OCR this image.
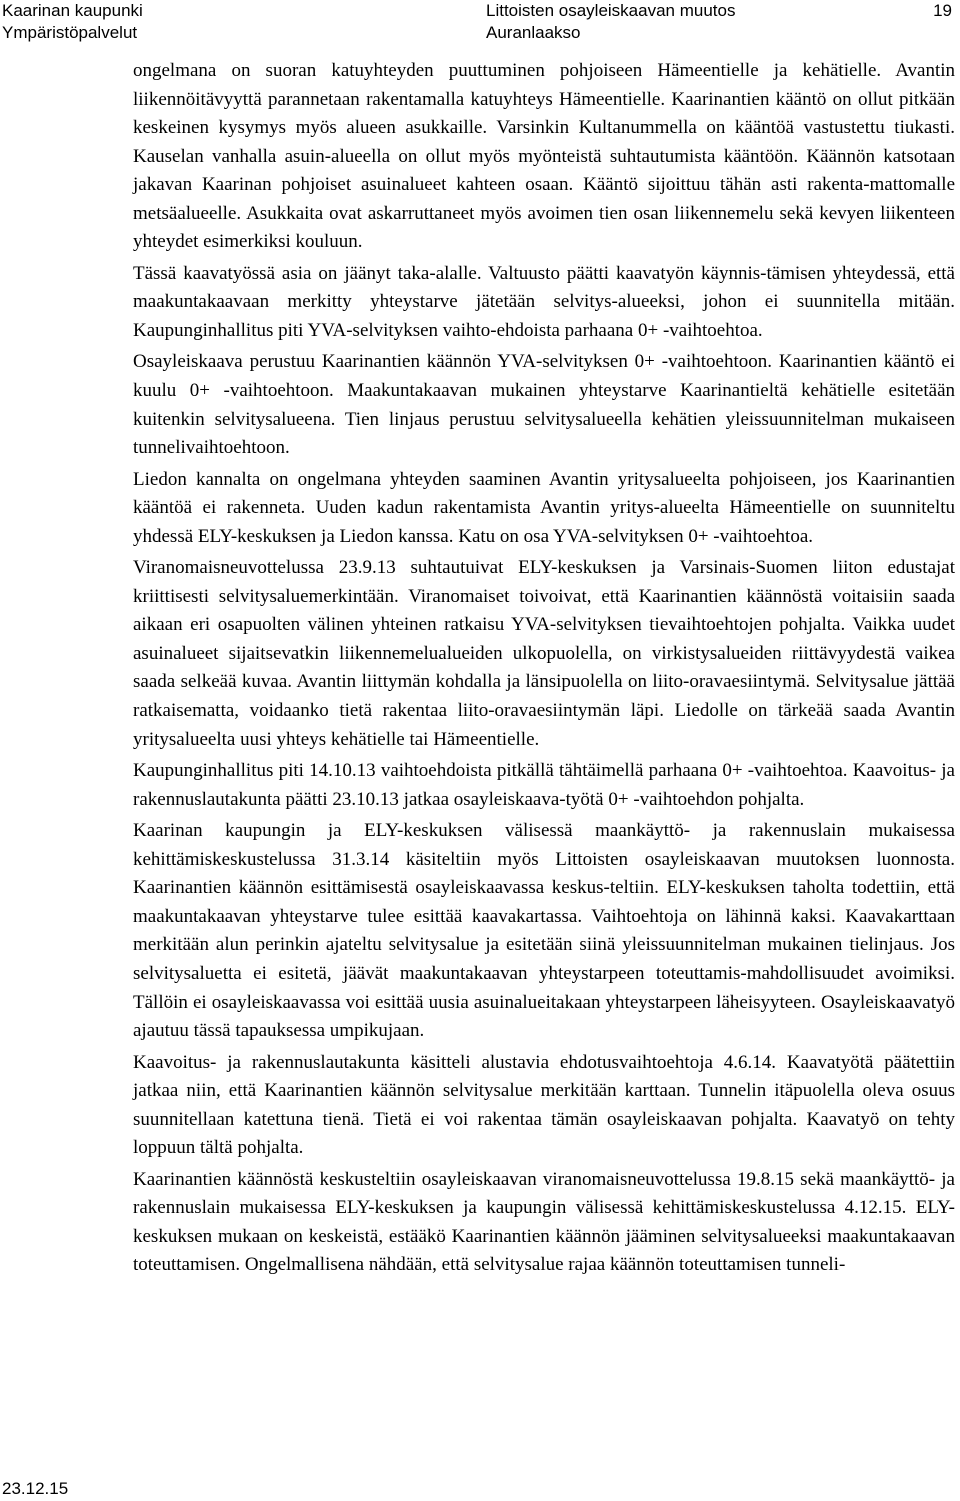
Kaarinan kaupunki
Ympäristöpalvelut
Littoisten osayleiskaavan muutos
Auranlaakso
19

ongelmana on suoran katuyhteyden puuttuminen pohjoiseen Hämeentielle ja kehätielle. Avantin liikennöitävyyttä parannetaan rakentamalla katuyhteys Hämeentielle. Kaarinantien kääntö on ollut pitkään keskeinen kysymys myös alueen asukkaille. Varsinkin Kultanummella on kääntöä vastustettu tiukasti. Kauselan vanhalla asuin-alueella on ollut myös myönteistä suhtautumista kääntöön. Käännön katsotaan jakavan Kaarinan pohjoiset asuinalueet kahteen osaan. Kääntö sijoittuu tähän asti rakenta-mattomalle metsäalueelle. Asukkaita ovat askarruttaneet myös avoimen tien osan liikennemelu sekä kevyen liikenteen yhteydet esimerkiksi kouluun.

Tässä kaavatyössä asia on jäänyt taka-alalle. Valtuusto päätti kaavatyön käynnis-tämisen yhteydessä, että maakuntakaavaan merkitty yhteystarve jätetään selvitys-alueeksi, johon ei suunnitella mitään. Kaupunginhallitus piti YVA-selvityksen vaihto-ehdoista parhaana 0+ -vaihtoehtoa.

Osayleiskaava perustuu Kaarinantien käännön YVA-selvityksen 0+ -vaihtoehtoon. Kaarinantien kääntö ei kuulu 0+ -vaihtoehtoon. Maakuntakaavan mukainen yhteystarve Kaarinantieltä kehätielle esitetään kuitenkin selvitysalueena. Tien linjaus perustuu selvitysalueella kehätien yleissuunnitelman mukaiseen tunnelivaihtoehtoon.

Liedon kannalta on ongelmana yhteyden saaminen Avantin yritysalueelta pohjoiseen, jos Kaarinantien kääntöä ei rakenneta. Uuden kadun rakentamista Avantin yritys-alueelta Hämeentielle on suunniteltu yhdessä ELY-keskuksen ja Liedon kanssa. Katu on osa YVA-selvityksen 0+ -vaihtoehtoa.

Viranomaisneuvottelussa 23.9.13 suhtautuivat ELY-keskuksen ja Varsinais-Suomen liiton edustajat kriittisesti selvitysaluemerkintään. Viranomaiset toivoivat, että Kaarinantien käännöstä voitaisiin saada aikaan eri osapuolten välinen yhteinen ratkaisu YVA-selvityksen tievaihtoehtojen pohjalta. Vaikka uudet asuinalueet sijaitsevatkin liikennemelualueiden ulkopuolella, on virkistysalueiden riittävyydestä vaikea saada selkeää kuvaa. Avantin liittymän kohdalla ja länsipuolella on liito-oravaesiintymä. Selvitysalue jättää ratkaisematta, voidaanko tietä rakentaa liito-oravaesiintymän läpi. Liedolle on tärkeää saada Avantin yritysalueelta uusi yhteys kehätielle tai Hämeentielle.

Kaupunginhallitus piti 14.10.13 vaihtoehdoista pitkällä tähtäimellä parhaana 0+ -vaihtoehtoa. Kaavoitus- ja rakennuslautakunta päätti 23.10.13 jatkaa osayleiskaava-työtä 0+ -vaihtoehdon pohjalta.

Kaarinan kaupungin ja ELY-keskuksen välisessä maankäyttö- ja rakennuslain mukaisessa kehittämiskeskustelussa 31.3.14 käsiteltiin myös Littoisten osayleiskaavan muutoksen luonnosta. Kaarinantien käännön esittämisestä osayleiskaavassa keskus-teltiin. ELY-keskuksen taholta todettiin, että maakuntakaavan yhteystarve tulee esittää kaavakartassa. Vaihtoehtoja on lähinnä kaksi. Kaavakarttaan merkitään alun perinkin ajateltu selvitysalue ja esitetään siinä yleissuunnitelman mukainen tielinjaus. Jos selvitysaluetta ei esitetä, jäävät maakuntakaavan yhteystarpeen toteuttamis-mahdollisuudet avoimiksi. Tällöin ei osayleiskaavassa voi esittää uusia asuinalueitakaan yhteystarpeen läheisyyteen. Osayleiskaavatyö ajautuu tässä tapauksessa umpikujaan.

Kaavoitus- ja rakennuslautakunta käsitteli alustavia ehdotusvaihtoehtoja 4.6.14. Kaavatyötä päätettiin jatkaa niin, että Kaarinantien käännön selvitysalue merkitään karttaan. Tunnelin itäpuolella oleva osuus suunnitellaan katettuna tienä. Tietä ei voi rakentaa tämän osayleiskaavan pohjalta. Kaavatyö on tehty loppuun tältä pohjalta.

Kaarinantien käännöstä keskusteltiin osayleiskaavan viranomaisneuvottelussa 19.8.15 sekä maankäyttö- ja rakennuslain mukaisessa ELY-keskuksen ja kaupungin välisessä kehittämiskeskustelussa 4.12.15. ELY-keskuksen mukaan on keskeistä, estääkö Kaarinantien käännön jääminen selvitysalueeksi maakuntakaavan toteuttamisen. Ongelmallisena nähdään, että selvitysalue rajaa käännön toteuttamisen tunneli-

23.12.15
